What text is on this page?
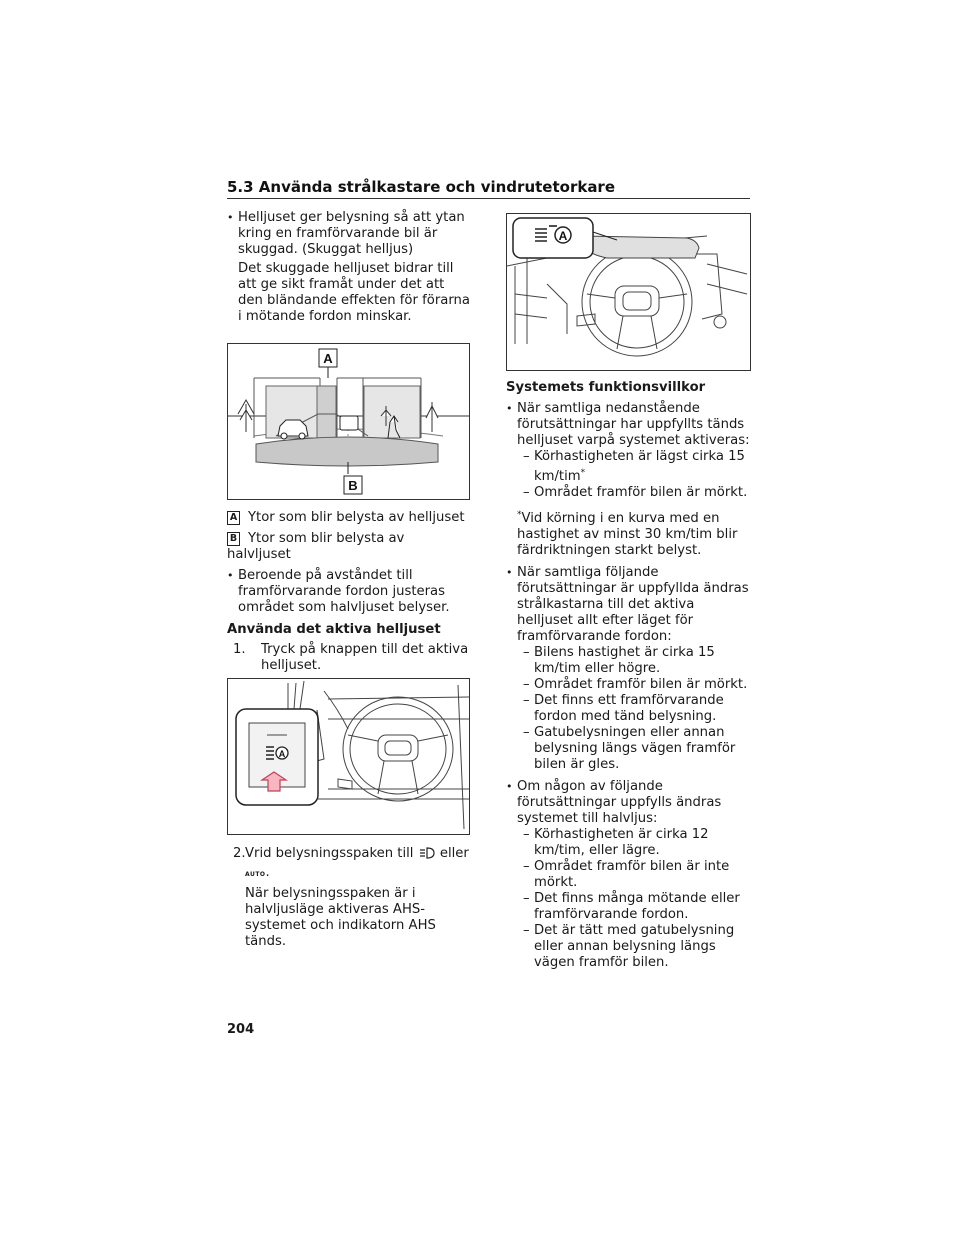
5.3 Använda strålkastare och vindrutetorkare

• Helljuset ger belysning så att ytan kring en framförvarande bil är skuggad. (Skuggat helljus)

Det skuggade helljuset bidrar till att ge sikt framåt under det att den bländande effekten för förarna i mötande fordon minskar.

A
B

A Ytor som blir belysta av helljuset

B Ytor som blir belysta av halvljuset

• Beroende på avståndet till framförvarande fordon justeras området som halvljuset belyser.

Använda det aktiva helljuset

1. Tryck på knappen till det aktiva helljuset.

A

2. Vrid belysningsspaken till eller

AUTO.

När belysningsspaken är i halvljusläge aktiveras AHS-systemet och indikatorn AHS tänds.

A

Systemets funktionsvillkor

• När samtliga nedanstående förutsättningar har uppfyllts tänds helljuset varpå systemet aktiveras:

– Körhastigheten är lägst cirka 15 km/tim*

– Området framför bilen är mörkt.

*Vid körning i en kurva med en hastighet av minst 30 km/tim blir färdriktningen starkt belyst.

• När samtliga följande förutsättningar är uppfyllda ändras strålkastarna till det aktiva helljuset allt efter läget för framförvarande fordon:

– Bilens hastighet är cirka 15 km/tim eller högre.

– Området framför bilen är mörkt.

– Det finns ett framförvarande fordon med tänd belysning.

– Gatubelysningen eller annan belysning längs vägen framför bilen är gles.

• Om någon av följande förutsättningar uppfylls ändras systemet till halvljus:

– Körhastigheten är cirka 12 km/tim, eller lägre.

– Området framför bilen är inte mörkt.

– Det finns många mötande eller framförvarande fordon.

– Det är tätt med gatubelysning eller annan belysning längs vägen framför bilen.

204
